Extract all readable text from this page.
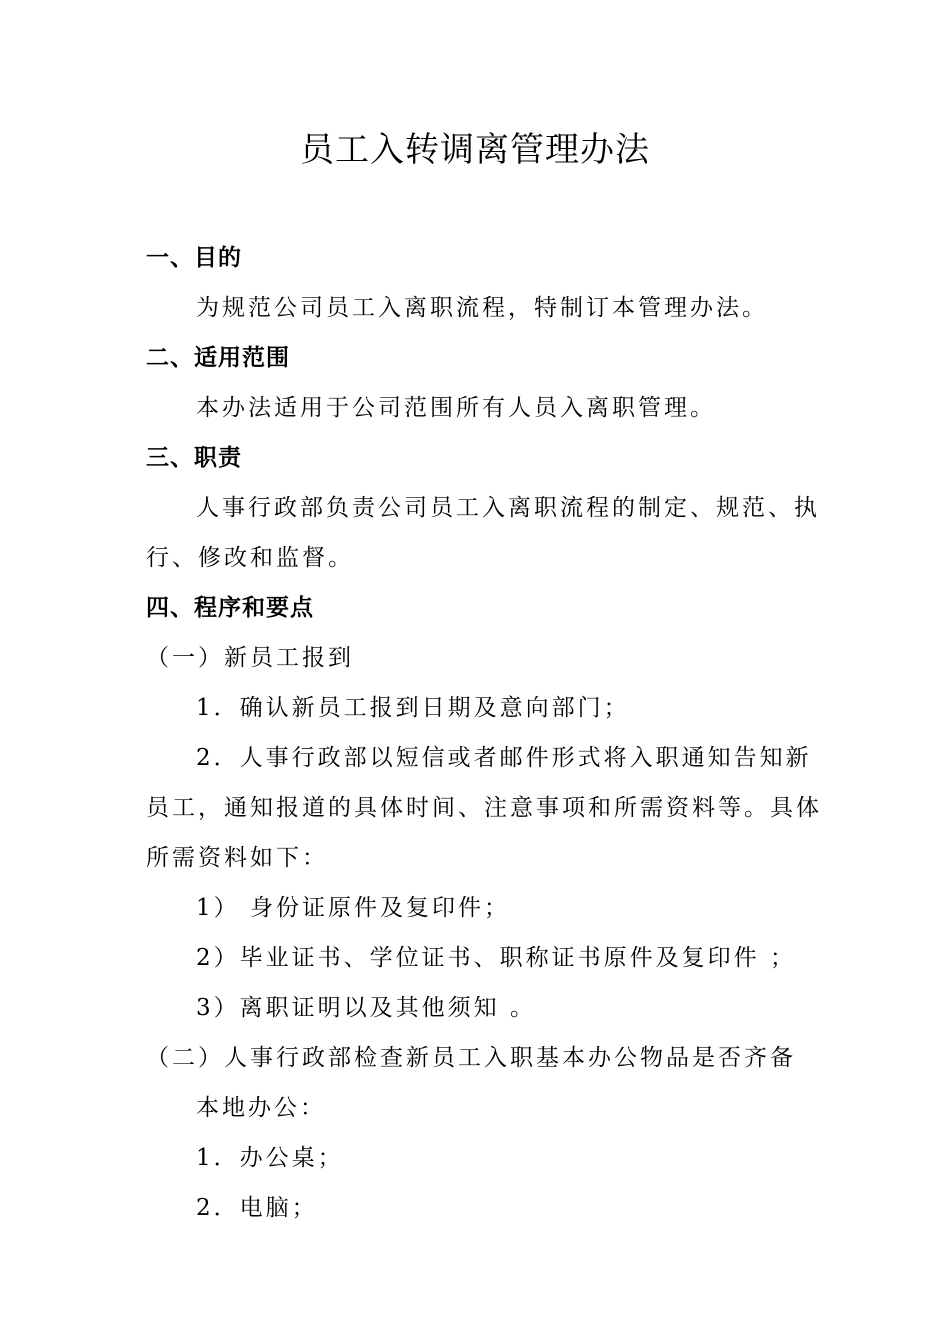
员工入转调离管理办法
一、目的
为规范公司员工入离职流程，特制订本管理办法。
二、适用范围
本办法适用于公司范围所有人员入离职管理。
三、职责
人事行政部负责公司员工入离职流程的制定、规范、执
行、修改和监督。
四、程序和要点
（一）新员工报到
1．确认新员工报到日期及意向部门；
2．人事行政部以短信或者邮件形式将入职通知告知新
员工，通知报道的具体时间、注意事项和所需资料等。具体
所需资料如下：
1） 身份证原件及复印件；
2）毕业证书、学位证书、职称证书原件及复印件 ；
3）离职证明以及其他须知 。
（二）人事行政部检查新员工入职基本办公物品是否齐备
本地办公：
1．办公桌；
2．电脑；
